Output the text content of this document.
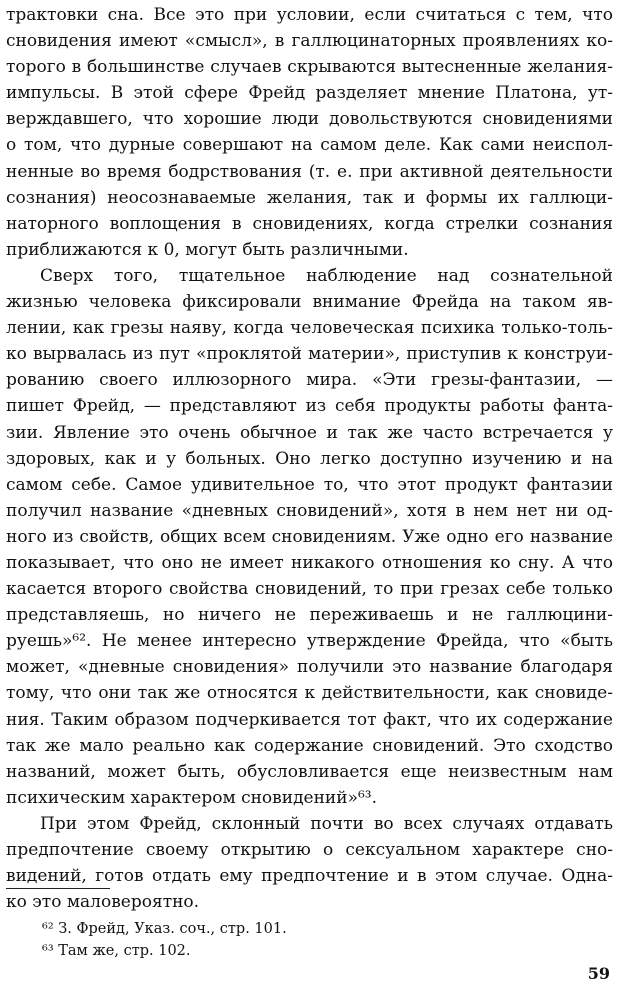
трактовки сна. Все это при условии, если считаться с тем, что
сновидения имеют «смысл», в галлюцинаторных проявлениях ко-
торого в большинстве случаев скрываются вытесненные желания-
импульсы. В этой сфере Фрейд разделяет мнение Платона, ут-
верждавшего, что хорошие люди довольствуются сновидениями
о том, что дурные совершают на самом деле. Как сами неиспол-
ненные во время бодрствования (т. е. при активной деятельности
сознания) неосознаваемые желания, так и формы их галлюци-
наторного воплощения в сновидениях, когда стрелки сознания
приближаются к 0, могут быть различными.
Сверх того, тщательное наблюдение над сознательной
жизнью человека фиксировали внимание Фрейда на таком яв-
лении, как грезы наяву, когда человеческая психика только-толь-
ко вырвалась из пут «проклятой материи», приступив к конструи-
рованию своего иллюзорного мира. «Эти грезы-фантазии, —
пишет Фрейд, — представляют из себя продукты работы фанта-
зии. Явление это очень обычное и так же часто встречается у
здоровых, как и у больных. Оно легко доступно изучению и на
самом себе. Самое удивительное то, что этот продукт фантазии
получил название «дневных сновидений», хотя в нем нет ни од-
ного из свойств, общих всем сновидениям. Уже одно его название
показывает, что оно не имеет никакого отношения ко сну. А что
касается второго свойства сновидений, то при грезах себе только
представляешь, но ничего не переживаешь и не галлюцини-
руешь»⁶². Не менее интересно утверждение Фрейда, что «быть
может, «дневные сновидения» получили это название благодаря
тому, что они так же относятся к действительности, как сновиде-
ния. Таким образом подчеркивается тот факт, что их содержание
так же мало реально как содержание сновидений. Это сходство
названий, может быть, обусловливается еще неизвестным нам
психическим характером сновидений»⁶³.
При этом Фрейд, склонный почти во всех случаях отдавать
предпочтение своему открытию о сексуальном характере сно-
видений, готов отдать ему предпочтение и в этом случае. Одна-
ко это маловероятно.
⁶² З. Фрейд, Указ. соч., стр. 101.
⁶³ Там же, стр. 102.
59
